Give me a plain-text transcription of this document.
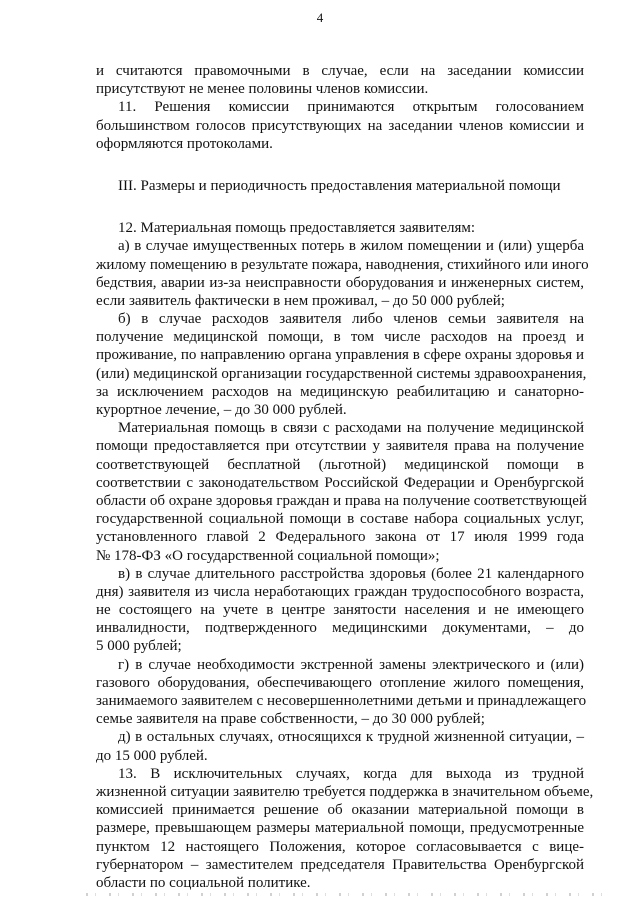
4
и считаются правомочными в случае, если на заседании комиссии
присутствуют не менее половины членов комиссии.
11. Решения комиссии принимаются открытым голосованием
большинством голосов присутствующих на заседании членов комиссии и
оформляются протоколами.
III. Размеры и периодичность предоставления материальной помощи
12. Материальная помощь предоставляется заявителям:
а) в случае имущественных потерь в жилом помещении и (или) ущерба
жилому помещению в результате пожара, наводнения, стихийного или иного
бедствия, аварии из-за неисправности оборудования и инженерных систем,
если заявитель фактически в нем проживал, – до 50 000 рублей;
б) в случае расходов заявителя либо членов семьи заявителя на
получение медицинской помощи, в том числе расходов на проезд и
проживание, по направлению органа управления в сфере охраны здоровья и
(или) медицинской организации государственной системы здравоохранения,
за исключением расходов на медицинскую реабилитацию и санаторно-
курортное лечение, – до 30 000 рублей.
Материальная помощь в связи с расходами на получение медицинской
помощи предоставляется при отсутствии у заявителя права на получение
соответствующей бесплатной (льготной) медицинской помощи в
соответствии с законодательством Российской Федерации и Оренбургской
области об охране здоровья граждан и права на получение соответствующей
государственной социальной помощи в составе набора социальных услуг,
установленного главой 2 Федерального закона от 17 июля 1999 года
№ 178-ФЗ «О государственной социальной помощи»;
в) в случае длительного расстройства здоровья (более 21 календарного
дня) заявителя из числа неработающих граждан трудоспособного возраста,
не состоящего на учете в центре занятости населения и не имеющего
инвалидности, подтвержденного медицинскими документами, – до
5 000 рублей;
г) в случае необходимости экстренной замены электрического и (или)
газового оборудования, обеспечивающего отопление жилого помещения,
занимаемого заявителем с несовершеннолетними детьми и принадлежащего
семье заявителя на праве собственности, – до 30 000 рублей;
д) в остальных случаях, относящихся к трудной жизненной ситуации, –
до 15 000 рублей.
13. В исключительных случаях, когда для выхода из трудной
жизненной ситуации заявителю требуется поддержка в значительном объеме,
комиссией принимается решение об оказании материальной помощи в
размере, превышающем размеры материальной помощи, предусмотренные
пунктом 12 настоящего Положения, которое согласовывается с вице-
губернатором – заместителем председателя Правительства Оренбургской
области по социальной политике.
